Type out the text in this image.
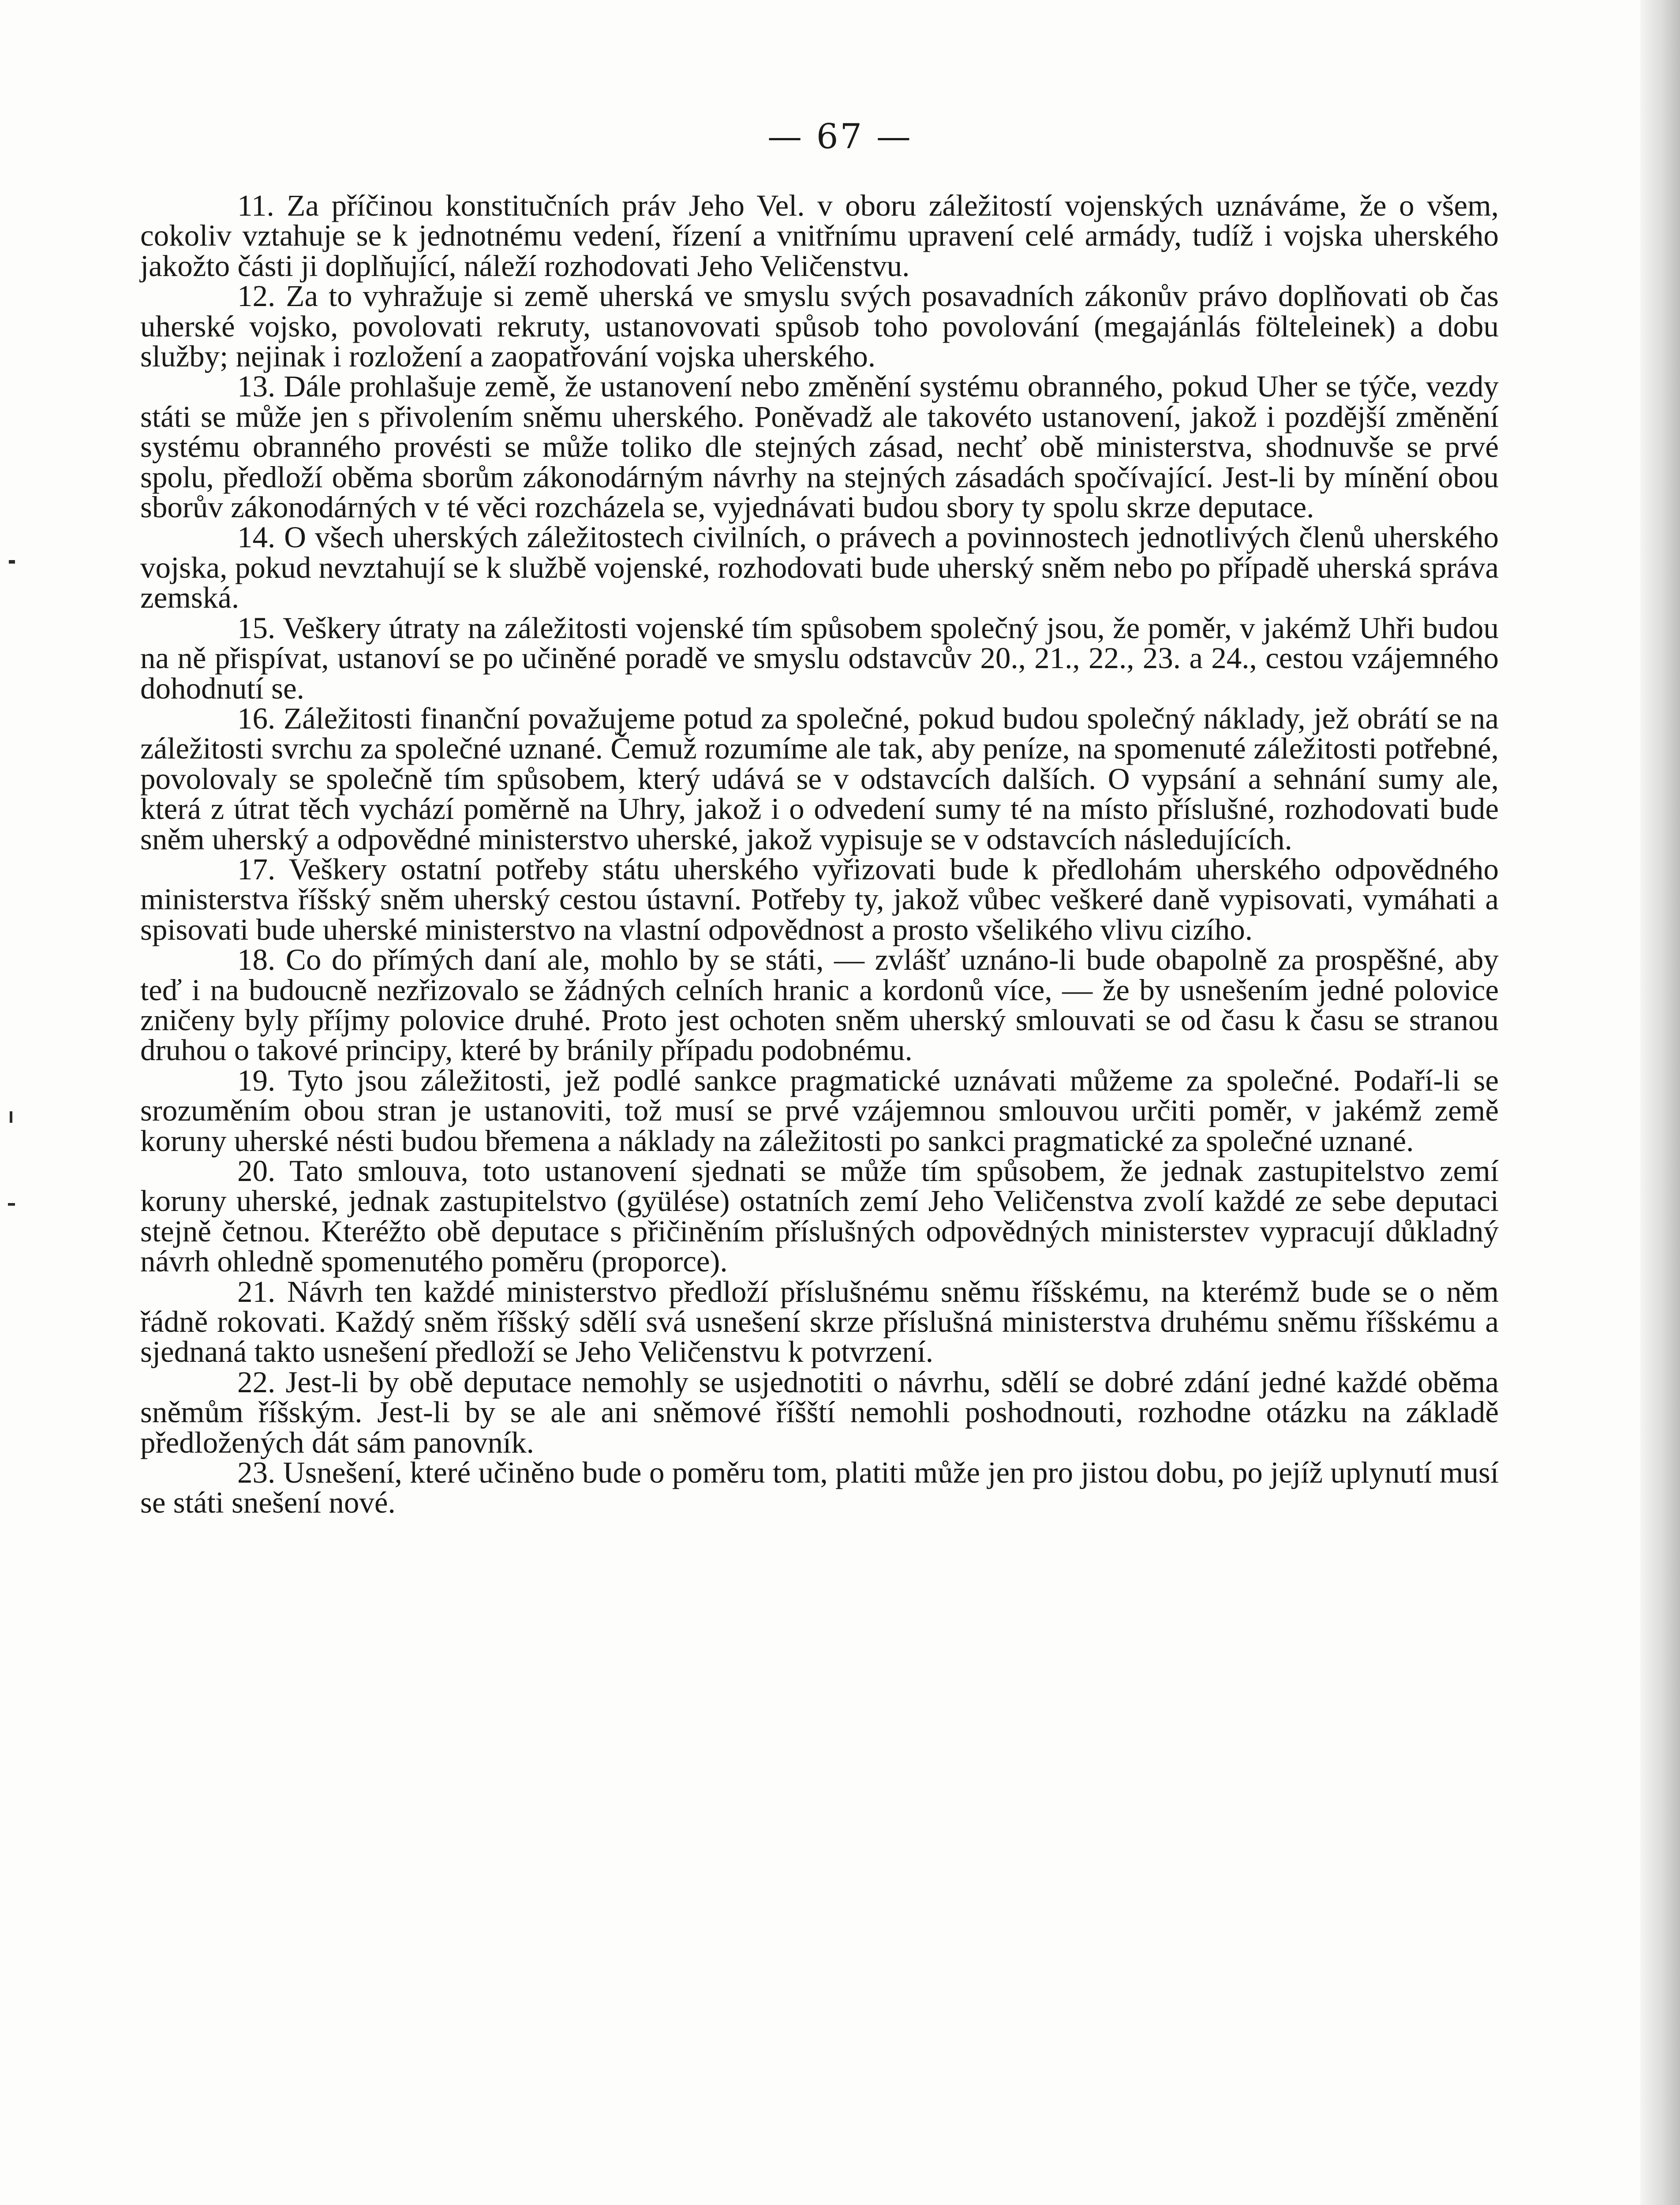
— 67 —

11. Za příčinou konstitučních práv Jeho Vel. v oboru záležitostí vojenských uznáváme, že o všem, cokoliv vztahuje se k jednotnému vedení, řízení a vnitřnímu upravení celé armády, tudíž i vojska uherského jakožto části ji doplňující, náleží rozhodovati Jeho Veličenstvu.

12. Za to vyhražuje si země uherská ve smyslu svých posavadních zákonův právo doplňovati ob čas uherské vojsko, povolovati rekruty, ustanovovati spůsob toho povolování (megajánlás fölteleinek) a dobu služby; nejinak i rozložení a zaopatřování vojska uherského.

13. Dále prohlašuje země, že ustanovení nebo změnění systému obranného, pokud Uher se týče, vezdy státi se může jen s přivolením sněmu uherského. Poněvadž ale takovéto ustanovení, jakož i pozdější změnění systému obranného provésti se může toliko dle stejných zásad, nechť obě ministerstva, shodnuvše se prvé spolu, předloží oběma sborům zákonodárným návrhy na stejných zásadách spočívající. Jest-li by mínění obou sborův zákonodárných v té věci rozcházela se, vyjednávati budou sbory ty spolu skrze deputace.

14. O všech uherských záležitostech civilních, o právech a povinnostech jednotlivých členů uherského vojska, pokud nevztahují se k službě vojenské, rozhodovati bude uherský sněm nebo po případě uherská správa zemská.

15. Veškery útraty na záležitosti vojenské tím spůsobem společný jsou, že poměr, v jakémž Uhři budou na ně přispívat, ustanoví se po učiněné poradě ve smyslu odstavcův 20., 21., 22., 23. a 24., cestou vzájemného dohodnutí se.

16. Záležitosti finanční považujeme potud za společné, pokud budou společný náklady, jež obrátí se na záležitosti svrchu za společné uznané. Čemuž rozumíme ale tak, aby peníze, na spomenuté záležitosti potřebné, povolovaly se společně tím spůsobem, který udává se v odstavcích dalších. O vypsání a sehnání sumy ale, která z útrat těch vychází poměrně na Uhry, jakož i o odvedení sumy té na místo příslušné, rozhodovati bude sněm uherský a odpovědné ministerstvo uherské, jakož vypisuje se v odstavcích následujících.

17. Veškery ostatní potřeby státu uherského vyřizovati bude k předlohám uherského odpovědného ministerstva říšský sněm uherský cestou ústavní. Potřeby ty, jakož vůbec veškeré daně vypisovati, vymáhati a spisovati bude uherské ministerstvo na vlastní odpovědnost a prosto všelikého vlivu cizího.

18. Co do přímých daní ale, mohlo by se státi, — zvlášť uznáno-li bude obapolně za prospěšné, aby teď i na budoucně nezřizovalo se žádných celních hranic a kordonů více, — že by usnešením jedné polovice zničeny byly příjmy polovice druhé. Proto jest ochoten sněm uherský smlouvati se od času k času se stranou druhou o takové principy, které by bránily případu podobnému.

19. Tyto jsou záležitosti, jež podlé sankce pragmatické uznávati můžeme za společné. Podaří-li se srozuměním obou stran je ustanoviti, tož musí se prvé vzájemnou smlouvou určiti poměr, v jakémž země koruny uherské nésti budou břemena a náklady na záležitosti po sankci pragmatické za společné uznané.

20. Tato smlouva, toto ustanovení sjednati se může tím spůsobem, že jednak zastupitelstvo zemí koruny uherské, jednak zastupitelstvo (gyülése) ostatních zemí Jeho Veličenstva zvolí každé ze sebe deputaci stejně četnou. Kteréžto obě deputace s přičiněním příslušných odpovědných ministerstev vypracují důkladný návrh ohledně spomenutého poměru (proporce).

21. Návrh ten každé ministerstvo předloží příslušnému sněmu říšskému, na kterémž bude se o něm řádně rokovati. Každý sněm říšský sdělí svá usnešení skrze příslušná ministerstva druhému sněmu říšskému a sjednaná takto usnešení předloží se Jeho Veličenstvu k potvrzení.

22. Jest-li by obě deputace nemohly se usjednotiti o návrhu, sdělí se dobré zdání jedné každé oběma sněmům říšským. Jest-li by se ale ani sněmové říšští nemohli poshodnouti, rozhodne otázku na základě předložených dát sám panovník.

23. Usnešení, které učiněno bude o poměru tom, platiti může jen pro jistou dobu, po jejíž uplynutí musí se státi snešení nové.
